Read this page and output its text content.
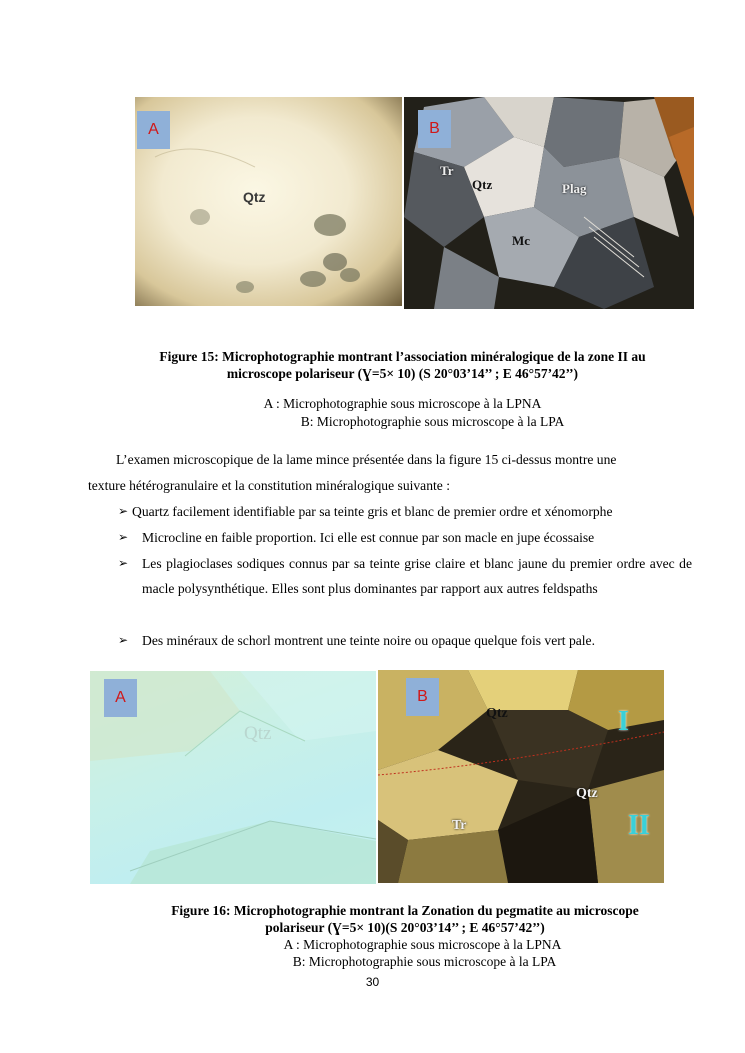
A
Qtz
B
Tr
Qtz	Plag
Mc
Figure 15: Microphotographie montrant l’association minéralogique de la zone II au
microscope polariseur (Ɣ=5× 10) (S 20°03’14’’ ; E 46°57’42’’)
A : Microphotographie sous microscope à la LPNA
B: Microphotographie sous microscope à la LPA
L’examen microscopique de la lame mince présentée dans la figure 15 ci-dessus montre une
texture hétérogranulaire et la constitution minéralogique suivante :
➢ Quartz facilement identifiable par sa teinte gris et blanc de premier ordre et xénomorphe
➢ Microcline en faible proportion. Ici elle est connue par son macle en jupe écossaise
➢ Les plagioclases sodiques connus par sa teinte grise claire et blanc jaune du premier ordre avec de macle polysynthétique. Elles sont plus dominantes par rapport aux autres feldspaths
➢ Des minéraux de schorl montrent une teinte noire ou opaque quelque fois vert pale.
A
Qtz
B
Qtz
Qtz
Tr
I
II
Figure 16: Microphotographie montrant la Zonation du pegmatite au microscope
polariseur (Ɣ=5× 10)(S 20°03’14’’ ; E 46°57’42’’)
A : Microphotographie sous microscope à la LPNA
B: Microphotographie sous microscope à la LPA
30
